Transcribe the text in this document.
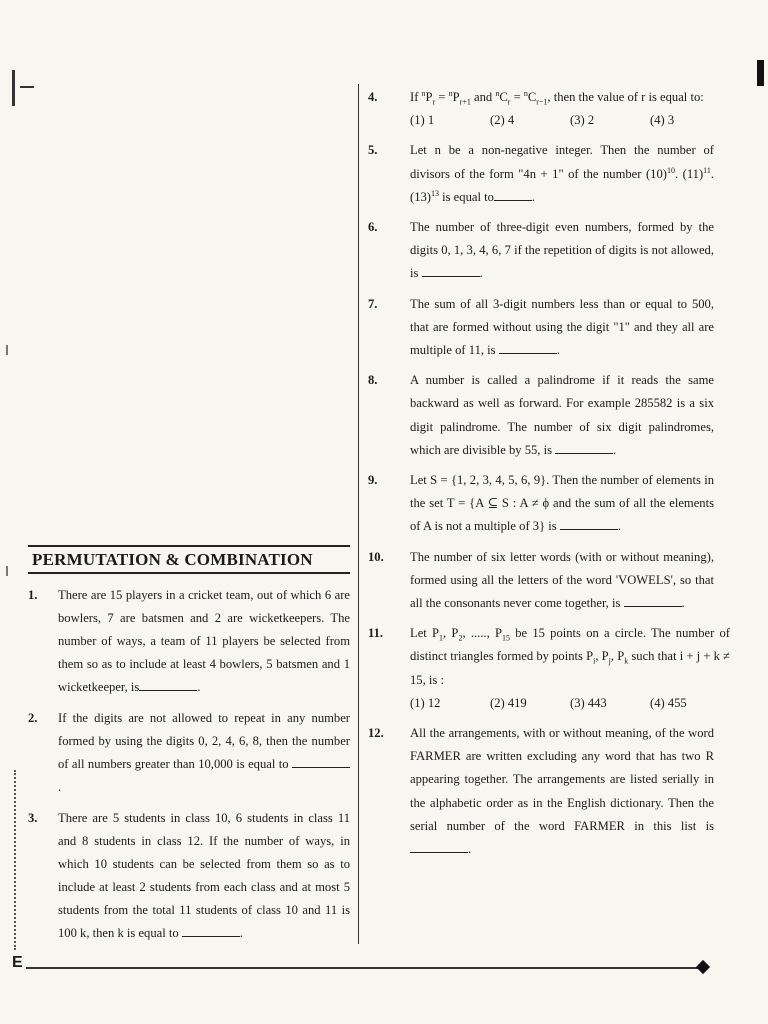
PERMUTATION & COMBINATION
1.	There are 15 players in a cricket team, out of which 6 are bowlers, 7 are batsmen and 2 are wicketkeepers. The number of ways, a team of 11 players be selected from them so as to include at least 4 bowlers, 5 batsmen and 1 wicketkeeper, is	.
2.	If the digits are not allowed to repeat in any number formed by using the digits 0, 2, 4, 6, 8, then the number of all numbers greater than 10,000 is equal to .
3.	There are 5 students in class 10, 6 students in class 11 and 8 students in class 12. If the number of ways, in which 10 students can be selected from them so as to include at least 2 students from each class and at most 5 students from the total 11 students of class 10 and 11 is 100 k, then k is equal to	.
4.	If $^nP_r = ^nP_{r+1}$ and $^nC_r = ^nC_{r-1}$, then the value of r is equal to:
(1) 1	(2) 4	(3) 2	(4) 3
5.	Let n be a non-negative integer. Then the number of divisors of the form "4n + 1" of the number $(10)^{10}$. $(11)^{11}$. $(13)^{13}$ is equal to	.
6.	The number of three-digit even numbers, formed by the digits 0, 1, 3, 4, 6, 7 if the repetition of digits is not allowed, is	.
7.	The sum of all 3-digit numbers less than or equal to 500, that are formed without using the digit "1" and they all are multiple of 11, is	.
8.	A number is called a palindrome if it reads the same backward as well as forward. For example 285582 is a six digit palindrome. The number of six digit palindromes, which are divisible by 55, is	.
9.	Let S = {1, 2, 3, 4, 5, 6, 9}. Then the number of elements in the set T = {A ⊆ S : A ≠ ϕ and the sum of all the elements of A is not a multiple of 3} is	.
10.	The number of six letter words (with or without meaning), formed using all the letters of the word 'VOWELS', so that all the consonants never come together, is	.
11.	Let $P_1$, $P_2$, ....., $P_{15}$ be 15 points on a circle. The number of distinct triangles formed by points $P_i$, $P_j$, $P_k$ such that i + j + k ≠ 15, is :
(1) 12	(2) 419	(3) 443	(4) 455
12.	All the arrangements, with or without meaning, of the word FARMER are written excluding any word that has two R appearing together. The arrangements are listed serially in the alphabetic order as in the English dictionary. Then the serial number of the word FARMER in this list is .
E
